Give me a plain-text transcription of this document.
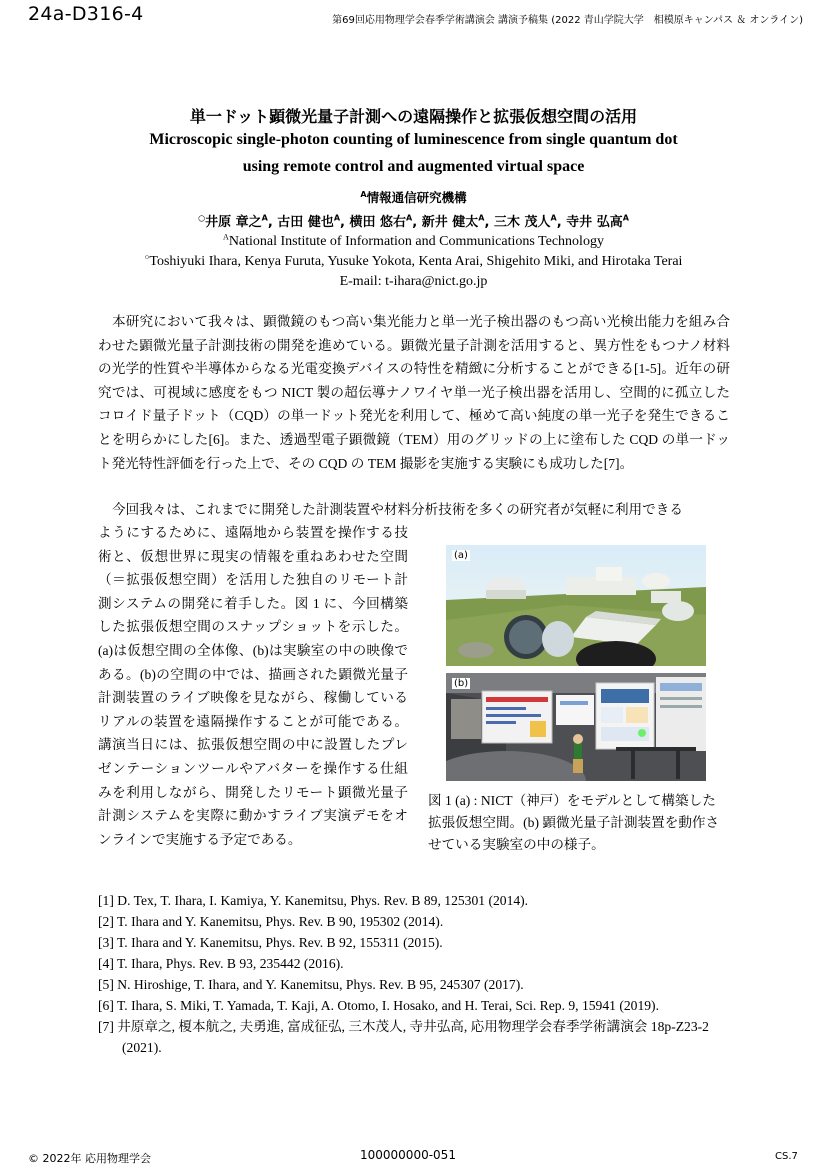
24a-D316-4	第69回応用物理学会春季学術講演会 講演予稿集 (2022 青山学院大学　相模原キャンパス ＆ オンライン)
単一ドット顕微光量子計測への遠隔操作と拡張仮想空間の活用
Microscopic single-photon counting of luminescence from single quantum dot
using remote control and augmented virtual space
$^A$情報通信研究機構
○井原 章之$^A$, 古田 健也$^A$, 横田 悠右$^A$, 新井 健太$^A$, 三木 茂人$^A$, 寺井 弘高$^A$
$^A$National Institute of Information and Communications Technology
○Toshiyuki Ihara, Kenya Furuta, Yusuke Yokota, Kenta Arai, Shigehito Miki, and Hirotaka Terai
E-mail: t-ihara@nict.go.jp
本研究において我々は、顕微鏡のもつ高い集光能力と単一光子検出器のもつ高い光検出能力を組み合わせた顕微光量子計測技術の開発を進めている。顕微光量子計測を活用すると、異方性をもつナノ材料の光学的性質や半導体からなる光電変換デバイスの特性を精緻に分析することができる[1-5]。近年の研究では、可視域に感度をもつ NICT 製の超伝導ナノワイヤ単一光子検出器を活用し、空間的に孤立したコロイド量子ドット（CQD）の単一ドット発光を利用して、極めて高い純度の単一光子を発生できることを明らかにした[6]。また、透過型電子顕微鏡（TEM）用のグリッドの上に塗布した CQD の単一ドット発光特性評価を行った上で、その CQD の TEM 撮影を実施する実験にも成功した[7]。
今回我々は、これまでに開発した計測装置や材料分析技術を多くの研究者が気軽に利用できる
ようにするために、遠隔地から装置を操作する技術と、仮想世界に現実の情報を重ねあわせた空間（＝拡張仮想空間）を活用した独自のリモート計測システムの開発に着手した。図 1 に、今回構築した拡張仮想空間のスナップショットを示した。(a)は仮想空間の全体像、(b)は実験室の中の映像である。(b)の空間の中では、描画された顕微光量子計測装置のライブ映像を見ながら、稼働しているリアルの装置を遠隔操作することが可能である。講演当日には、拡張仮想空間の中に設置したプレゼンテーションツールやアバターを操作する仕組みを利用しながら、開発したリモート顕微光量子計測システムを実際に動かすライブ実演デモをオンラインで実施する予定である。
(a)
(b)
図 1 (a) : NICT（神戸）をモデルとして構築した拡張仮想空間。(b) 顕微光量子計測装置を動作させている実験室の中の様子。
[1] D. Tex, T. Ihara, I. Kamiya, Y. Kanemitsu, Phys. Rev. B 89, 125301 (2014).
[2] T. Ihara and Y. Kanemitsu, Phys. Rev. B 90, 195302 (2014).
[3] T. Ihara and Y. Kanemitsu, Phys. Rev. B 92, 155311 (2015).
[4] T. Ihara, Phys. Rev. B 93, 235442 (2016).
[5] N. Hiroshige, T. Ihara, and Y. Kanemitsu, Phys. Rev. B 95, 245307 (2017).
[6] T. Ihara, S. Miki, T. Yamada, T. Kaji, A. Otomo, I. Hosako, and H. Terai, Sci. Rep. 9, 15941 (2019).
[7] 井原章之, 榎本航之, 夫勇進, 富成征弘, 三木茂人, 寺井弘高, 応用物理学会春季学術講演会 18p-Z23-2 (2021).
© 2022年 応用物理学会	100000000-051	CS.7
